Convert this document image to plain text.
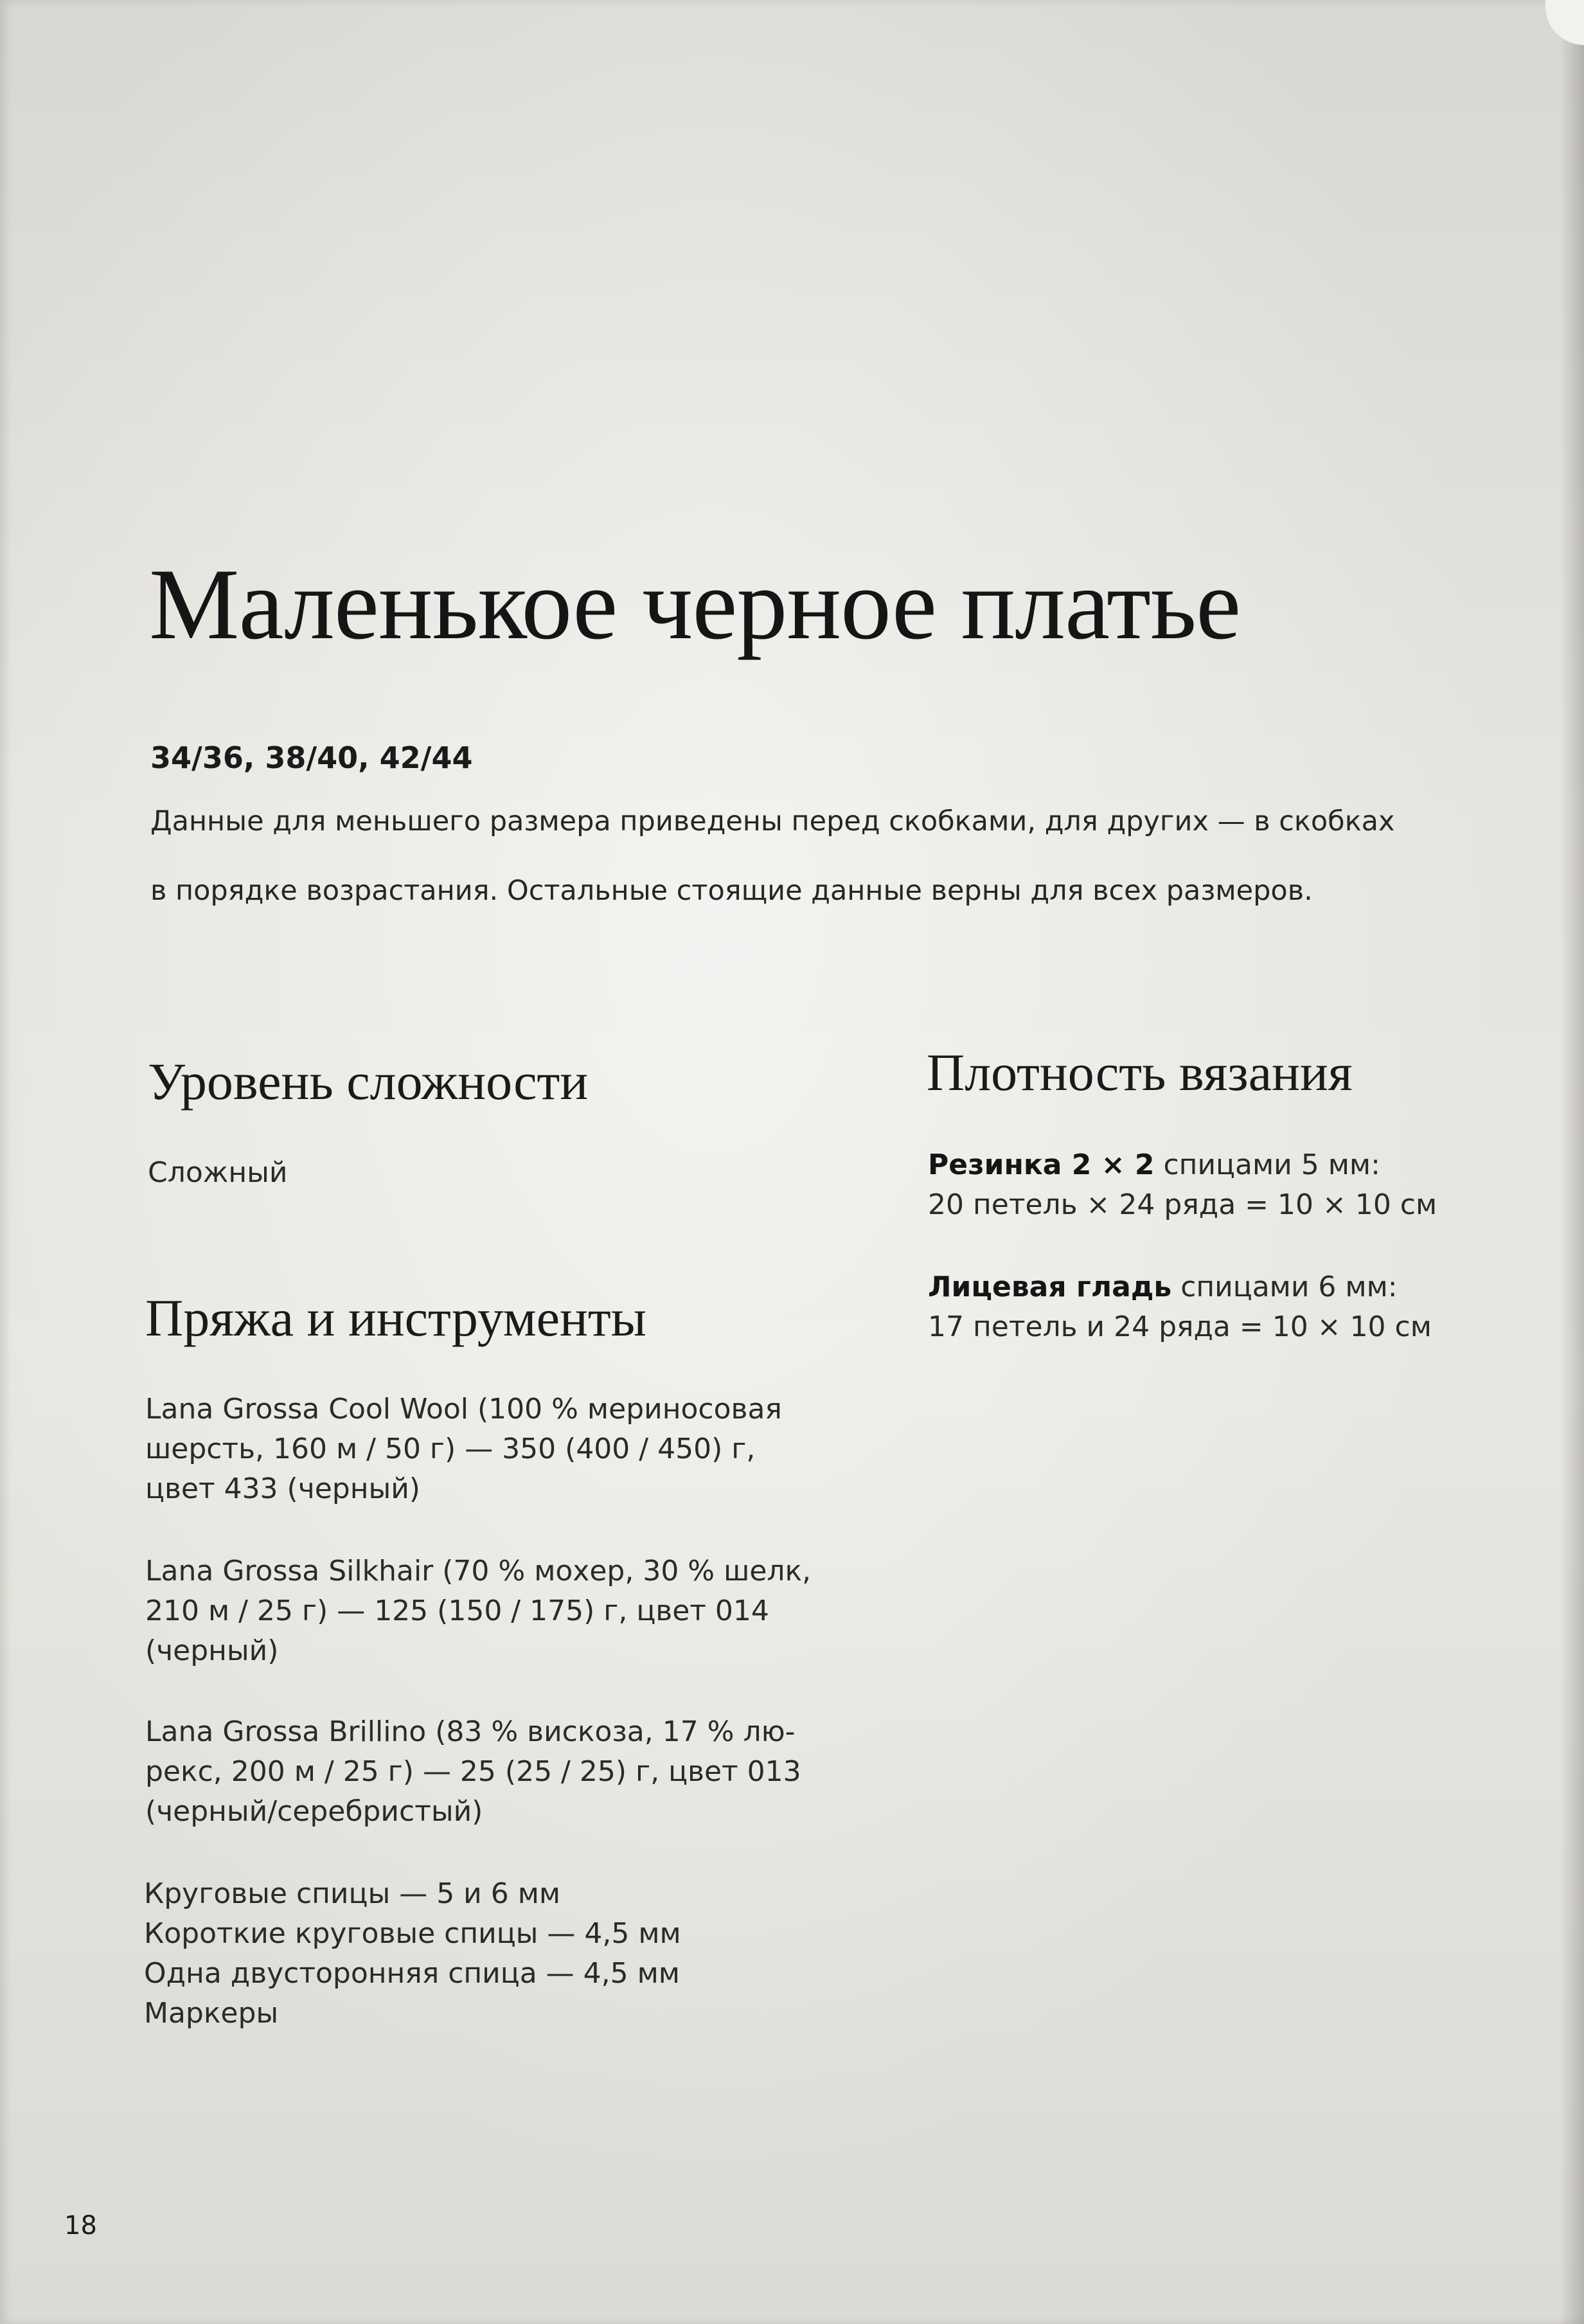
Маленькое черное платье
34/36, 38/40, 42/44

Данные для меньшего размера приведены перед скобками, для других — в скобках
в порядке возрастания. Остальные стоящие данные верны для всех размеров.

Уровень сложности

Сложный

Пряжа и инструменты

Lana Grossa Cool Wool (100 % мериносовая
шерсть, 160 м / 50 г) — 350 (400 / 450) г,
цвет 433 (черный)

Lana Grossa Silkhair (70 % мохер, 30 % шелк,
210 м / 25 г) — 125 (150 / 175) г, цвет 014
(черный)

Lana Grossa Brillino (83 % вискоза, 17 % лю-
рекс, 200 м / 25 г) — 25 (25 / 25) г, цвет 013
(черный/серебристый)

Круговые спицы — 5 и 6 мм
Короткие круговые спицы — 4,5 мм
Одна двусторонняя спица — 4,5 мм
Маркеры

Плотность вязания

Резинка 2 × 2 спицами 5 мм:
20 петель × 24 ряда = 10 × 10 см

Лицевая гладь спицами 6 мм:
17 петель и 24 ряда = 10 × 10 см

18
